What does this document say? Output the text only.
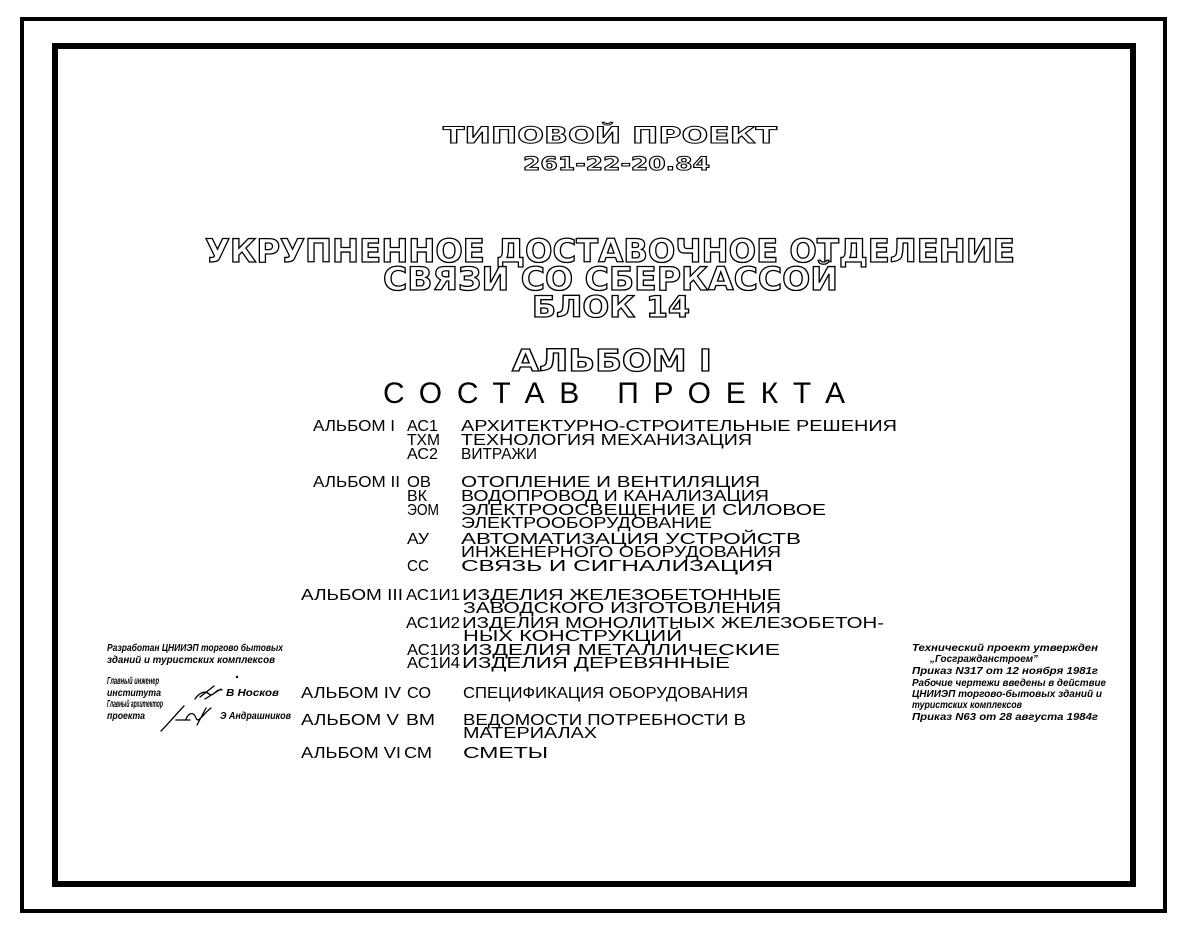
ТИПОВОЙ ПРОЕКТ
261-22-20.84
УКРУПНЕННОЕ ДОСТАВОЧНОЕ ОТДЕЛЕНИЕ
СВЯЗИ СО СБЕРКАССОЙ
БЛОК 14
АЛЬБОМ I
СОСТАВ ПРОЕКТА
АЛЬБОМ I АС1 АРХИТЕКТУРНО-СТРОИТЕЛЬНЫЕ РЕШЕНИЯ
ТХМ ТЕХНОЛОГИЯ МЕХАНИЗАЦИЯ
АС2 ВИТРАЖИ
АЛЬБОМ II ОВ ОТОПЛЕНИЕ И ВЕНТИЛЯЦИЯ
ВК ВОДОПРОВОД И КАНАЛИЗАЦИЯ
ЭОМ ЭЛЕКТРООСВЕЩЕНИЕ И СИЛОВОЕ
ЭЛЕКТРООБОРУДОВАНИЕ
АУ АВТОМАТИЗАЦИЯ УСТРОЙСТВ
ИНЖЕНЕРНОГО ОБОРУДОВАНИЯ
СС СВЯЗЬ И СИГНАЛИЗАЦИЯ
АЛЬБОМ III АС1И1 ИЗДЕЛИЯ ЖЕЛЕЗОБЕТОННЫЕ
ЗАВОДСКОГО ИЗГОТОВЛЕНИЯ
АС1И2 ИЗДЕЛИЯ МОНОЛИТНЫХ ЖЕЛЕЗОБЕТОН-
НЫХ КОНСТРУКЦИЙ
АС1И3 ИЗДЕЛИЯ МЕТАЛЛИЧЕСКИЕ
АС1И4 ИЗДЕЛИЯ ДЕРЕВЯННЫЕ
АЛЬБОМ IV СО СПЕЦИФИКАЦИЯ ОБОРУДОВАНИЯ
АЛЬБОМ V ВМ ВЕДОМОСТИ ПОТРЕБНОСТИ В
МАТЕРИАЛАХ
АЛЬБОМ VI СМ СМЕТЫ
Разработан ЦНИИЭП торгово бытовых
зданий и туристских комплексов
Главный инженер
института	В Носков
Главный архитектор
проекта	Э Андрашников
Технический проект утвержден
„Госгражданстроем”
Приказ N317 от 12 ноября 1981г
Рабочие чертежи введены в действие
ЦНИИЭП торгово-бытовых зданий и
туристских комплексов
Приказ N63 от 28 августа 1984г
